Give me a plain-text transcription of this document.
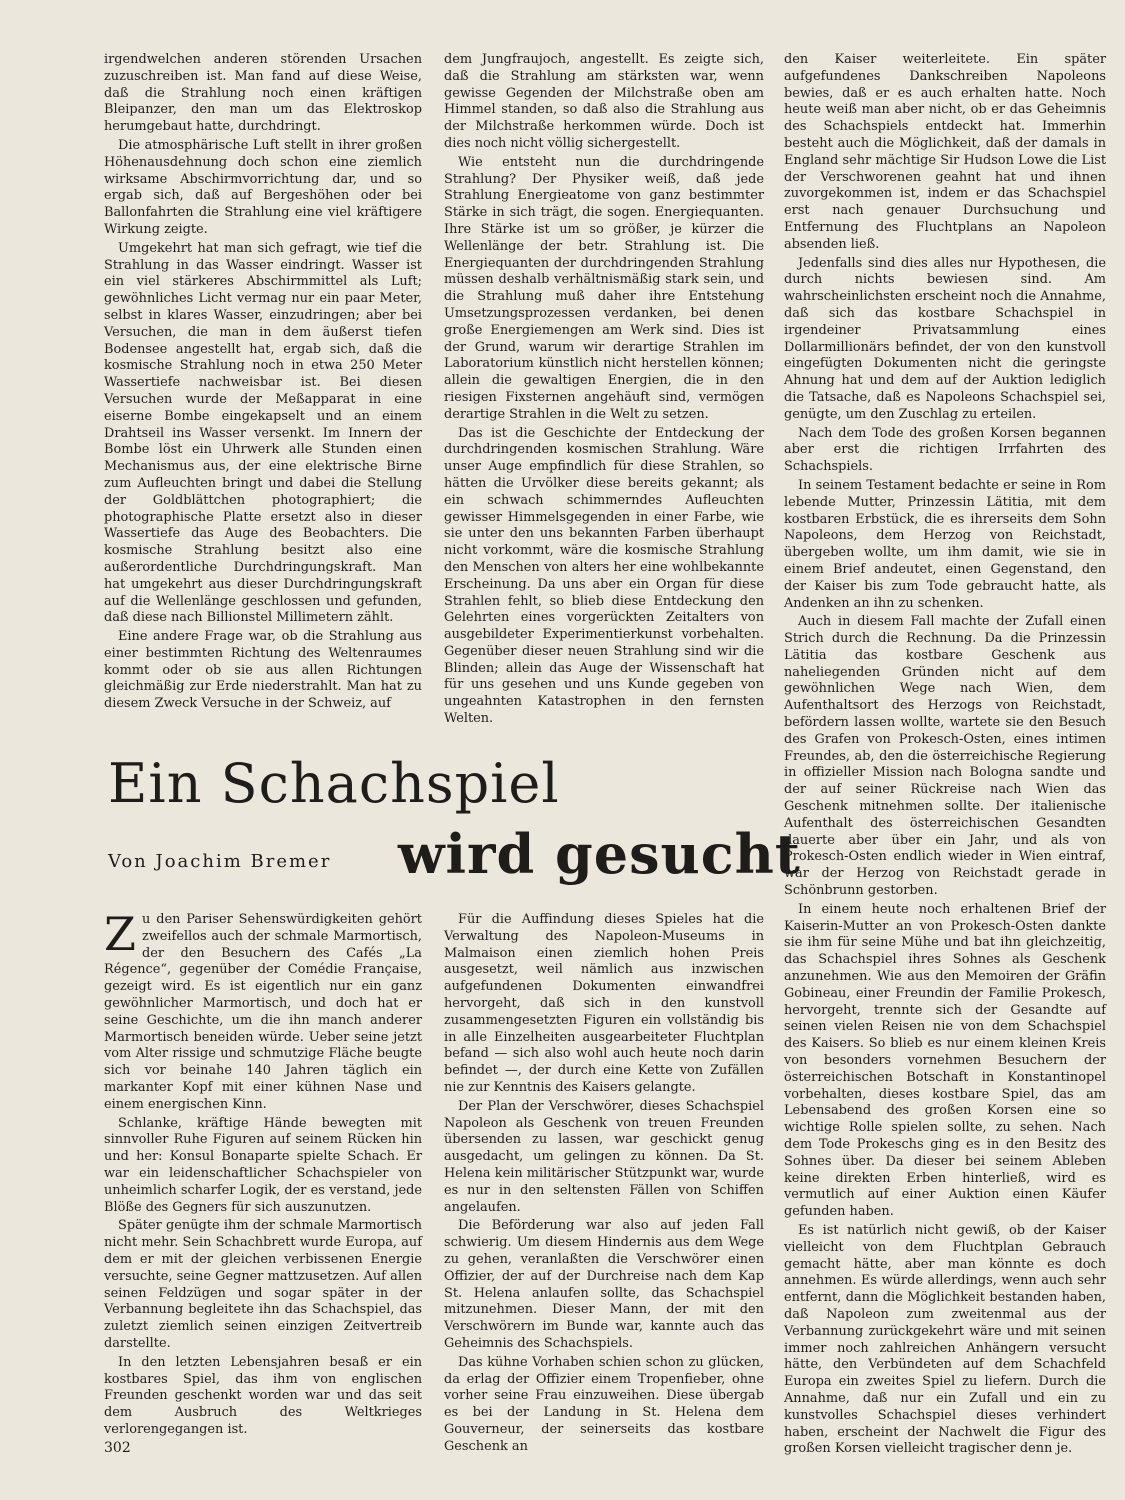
irgendwelchen anderen störenden Ursachen zuzuschreiben ist. Man fand auf diese Weise, daß die Strahlung noch einen kräftigen Bleipanzer, den man um das Elektroskop herumgebaut hatte, durchdringt.

Die atmosphärische Luft stellt in ihrer großen Höhenausdehnung doch schon eine ziemlich wirksame Abschirmvorrichtung dar, und so ergab sich, daß auf Bergeshöhen oder bei Ballonfahrten die Strahlung eine viel kräftigere Wirkung zeigte.

Umgekehrt hat man sich gefragt, wie tief die Strahlung in das Wasser eindringt. Wasser ist ein viel stärkeres Abschirmmittel als Luft; gewöhnliches Licht vermag nur ein paar Meter, selbst in klares Wasser, einzudringen; aber bei Versuchen, die man in dem äußerst tiefen Bodensee angestellt hat, ergab sich, daß die kosmische Strahlung noch in etwa 250 Meter Wassertiefe nachweisbar ist. Bei diesen Versuchen wurde der Meßapparat in eine eiserne Bombe eingekapselt und an einem Drahtseil ins Wasser versenkt. Im Innern der Bombe löst ein Uhrwerk alle Stunden einen Mechanismus aus, der eine elektrische Birne zum Aufleuchten bringt und dabei die Stellung der Goldblättchen photographiert; die photographische Platte ersetzt also in dieser Wassertiefe das Auge des Beobachters. Die kosmische Strahlung besitzt also eine außerordentliche Durchdringungskraft. Man hat umgekehrt aus dieser Durchdringungskraft auf die Wellenlänge geschlossen und gefunden, daß diese nach Billionstel Millimetern zählt.

Eine andere Frage war, ob die Strahlung aus einer bestimmten Richtung des Weltenraumes kommt oder ob sie aus allen Richtungen gleichmäßig zur Erde niederstrahlt. Man hat zu diesem Zweck Versuche in der Schweiz, auf

dem Jungfraujoch, angestellt. Es zeigte sich, daß die Strahlung am stärksten war, wenn gewisse Gegenden der Milchstraße oben am Himmel standen, so daß also die Strahlung aus der Milchstraße herkommen würde. Doch ist dies noch nicht völlig sichergestellt.

Wie entsteht nun die durchdringende Strahlung? Der Physiker weiß, daß jede Strahlung Energieatome von ganz bestimmter Stärke in sich trägt, die sogen. Energiequanten. Ihre Stärke ist um so größer, je kürzer die Wellenlänge der betr. Strahlung ist. Die Energiequanten der durchdringenden Strahlung müssen deshalb verhältnismäßig stark sein, und die Strahlung muß daher ihre Entstehung Umsetzungsprozessen verdanken, bei denen große Energiemengen am Werk sind. Dies ist der Grund, warum wir derartige Strahlen im Laboratorium künstlich nicht herstellen können; allein die gewaltigen Energien, die in den riesigen Fixsternen angehäuft sind, vermögen derartige Strahlen in die Welt zu setzen.

Das ist die Geschichte der Entdeckung der durchdringenden kosmischen Strahlung. Wäre unser Auge empfindlich für diese Strahlen, so hätten die Urvölker diese bereits gekannt; als ein schwach schimmerndes Aufleuchten gewisser Himmelsgegenden in einer Farbe, wie sie unter den uns bekannten Farben überhaupt nicht vorkommt, wäre die kosmische Strahlung den Menschen von alters her eine wohlbekannte Erscheinung. Da uns aber ein Organ für diese Strahlen fehlt, so blieb diese Entdeckung den Gelehrten eines vorgerückten Zeitalters von ausgebildeter Experimentierkunst vorbehalten. Gegenüber dieser neuen Strahlung sind wir die Blinden; allein das Auge der Wissenschaft hat für uns gesehen und uns Kunde gegeben von ungeahnten Katastrophen in den fernsten Welten.

den Kaiser weiterleitete. Ein später aufgefundenes Dankschreiben Napoleons bewies, daß er es auch erhalten hatte. Noch heute weiß man aber nicht, ob er das Geheimnis des Schachspiels entdeckt hat. Immerhin besteht auch die Möglichkeit, daß der damals in England sehr mächtige Sir Hudson Lowe die List der Verschworenen geahnt hat und ihnen zuvorgekommen ist, indem er das Schachspiel erst nach genauer Durchsuchung und Entfernung des Fluchtplans an Napoleon absenden ließ.

Jedenfalls sind dies alles nur Hypothesen, die durch nichts bewiesen sind. Am wahrscheinlichsten erscheint noch die Annahme, daß sich das kostbare Schachspiel in irgendeiner Privatsammlung eines Dollarmillionärs befindet, der von den kunstvoll eingefügten Dokumenten nicht die geringste Ahnung hat und dem auf der Auktion lediglich die Tatsache, daß es Napoleons Schachspiel sei, genügte, um den Zuschlag zu erteilen.

Nach dem Tode des großen Korsen begannen aber erst die richtigen Irrfahrten des Schachspiels.

In seinem Testament bedachte er seine in Rom lebende Mutter, Prinzessin Lätitia, mit dem kostbaren Erbstück, die es ihrerseits dem Sohn Napoleons, dem Herzog von Reichstadt, übergeben wollte, um ihm damit, wie sie in einem Brief andeutet, einen Gegenstand, den der Kaiser bis zum Tode gebraucht hatte, als Andenken an ihn zu schenken.

Auch in diesem Fall machte der Zufall einen Strich durch die Rechnung. Da die Prinzessin Lätitia das kostbare Geschenk aus naheliegenden Gründen nicht auf dem gewöhnlichen Wege nach Wien, dem Aufenthaltsort des Herzogs von Reichstadt, befördern lassen wollte, wartete sie den Besuch des Grafen von Prokesch-Osten, eines intimen Freundes, ab, den die österreichische Regierung in offizieller Mission nach Bologna sandte und der auf seiner Rückreise nach Wien das Geschenk mitnehmen sollte. Der italienische Aufenthalt des österreichischen Gesandten dauerte aber über ein Jahr, und als von Prokesch-Osten endlich wieder in Wien eintraf, war der Herzog von Reichstadt gerade in Schönbrunn gestorben.

In einem heute noch erhaltenen Brief der Kaiserin-Mutter an von Prokesch-Osten dankte sie ihm für seine Mühe und bat ihn gleichzeitig, das Schachspiel ihres Sohnes als Geschenk anzunehmen. Wie aus den Memoiren der Gräfin Gobineau, einer Freundin der Familie Prokesch, hervorgeht, trennte sich der Gesandte auf seinen vielen Reisen nie von dem Schachspiel des Kaisers. So blieb es nur einem kleinen Kreis von besonders vornehmen Besuchern der österreichischen Botschaft in Konstantinopel vorbehalten, dieses kostbare Spiel, das am Lebensabend des großen Korsen eine so wichtige Rolle spielen sollte, zu sehen. Nach dem Tode Prokeschs ging es in den Besitz des Sohnes über. Da dieser bei seinem Ableben keine direkten Erben hinterließ, wird es vermutlich auf einer Auktion einen Käufer gefunden haben.

Es ist natürlich nicht gewiß, ob der Kaiser vielleicht von dem Fluchtplan Gebrauch gemacht hätte, aber man könnte es doch annehmen. Es würde allerdings, wenn auch sehr entfernt, dann die Möglichkeit bestanden haben, daß Napoleon zum zweitenmal aus der Verbannung zurückgekehrt wäre und mit seinen immer noch zahlreichen Anhängern versucht hätte, den Verbündeten auf dem Schachfeld Europa ein zweites Spiel zu liefern. Durch die Annahme, daß nur ein Zufall und ein zu kunstvolles Schachspiel dieses verhindert haben, erscheint der Nachwelt die Figur des großen Korsen vielleicht tragischer denn je.

Ein Schachspiel
Von Joachim Bremer wird gesucht

Zu den Pariser Sehenswürdigkeiten gehört zweifellos auch der schmale Marmortisch, der den Besuchern des Cafés „La Régence“, gegenüber der Comédie Française, gezeigt wird. Es ist eigentlich nur ein ganz gewöhnlicher Marmortisch, und doch hat er seine Geschichte, um die ihn manch anderer Marmortisch beneiden würde. Ueber seine jetzt vom Alter rissige und schmutzige Fläche beugte sich vor beinahe 140 Jahren täglich ein markanter Kopf mit einer kühnen Nase und einem energischen Kinn.

Schlanke, kräftige Hände bewegten mit sinnvoller Ruhe Figuren auf seinem Rücken hin und her: Konsul Bonaparte spielte Schach. Er war ein leidenschaftlicher Schachspieler von unheimlich scharfer Logik, der es verstand, jede Blöße des Gegners für sich auszunutzen.

Später genügte ihm der schmale Marmortisch nicht mehr. Sein Schachbrett wurde Europa, auf dem er mit der gleichen verbissenen Energie versuchte, seine Gegner mattzusetzen. Auf allen seinen Feldzügen und sogar später in der Verbannung begleitete ihn das Schachspiel, das zuletzt ziemlich seinen einzigen Zeitvertreib darstellte.

In den letzten Lebensjahren besaß er ein kostbares Spiel, das ihm von englischen Freunden geschenkt worden war und das seit dem Ausbruch des Weltkrieges verlorengegangen ist.

Für die Auffindung dieses Spieles hat die Verwaltung des Napoleon-Museums in Malmaison einen ziemlich hohen Preis ausgesetzt, weil nämlich aus inzwischen aufgefundenen Dokumenten einwandfrei hervorgeht, daß sich in den kunstvoll zusammengesetzten Figuren ein vollständig bis in alle Einzelheiten ausgearbeiteter Fluchtplan befand — sich also wohl auch heute noch darin befindet —, der durch eine Kette von Zufällen nie zur Kenntnis des Kaisers gelangte.

Der Plan der Verschwörer, dieses Schachspiel Napoleon als Geschenk von treuen Freunden übersenden zu lassen, war geschickt genug ausgedacht, um gelingen zu können. Da St. Helena kein militärischer Stützpunkt war, wurde es nur in den seltensten Fällen von Schiffen angelaufen.

Die Beförderung war also auf jeden Fall schwierig. Um diesem Hindernis aus dem Wege zu gehen, veranlaßten die Verschwörer einen Offizier, der auf der Durchreise nach dem Kap St. Helena anlaufen sollte, das Schachspiel mitzunehmen. Dieser Mann, der mit den Verschwörern im Bunde war, kannte auch das Geheimnis des Schachspiels.

Das kühne Vorhaben schien schon zu glücken, da erlag der Offizier einem Tropenfieber, ohne vorher seine Frau einzuweihen. Diese übergab es bei der Landung in St. Helena dem Gouverneur, der seinerseits das kostbare Geschenk an

302
